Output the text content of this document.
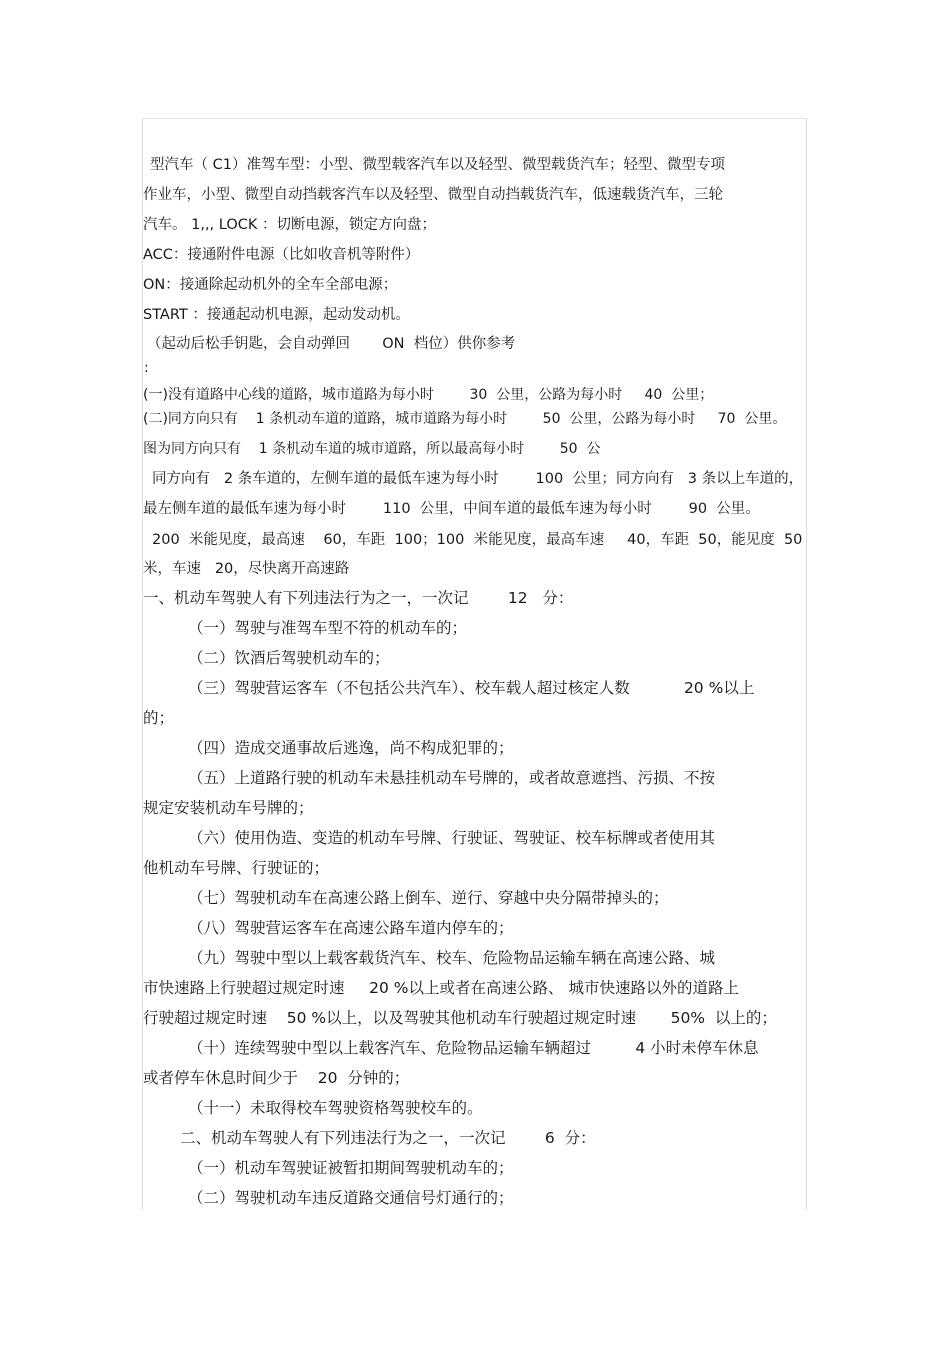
型汽车（ C1）准驾车型：小型、微型载客汽车以及轻型、微型载货汽车；轻型、微型专项
作业车，小型、微型自动挡载客汽车以及轻型、微型自动挡载货汽车，低速载货汽车，三轮
汽车。 1,,, LOCK ：切断电源，锁定方向盘；
ACC：接通附件电源（比如收音机等附件）
ON：接通除起动机外的全车全部电源；
START ：接通起动机电源，起动发动机。
（起动后松手钥匙，会自动弹回       ON  档位）供你参考
:
(一)没有道路中心线的道路，城市道路为每小时        30  公里，公路为每小时     40  公里；
(二)同方向只有    1 条机动车道的道路，城市道路为每小时        50  公里，公路为每小时     70  公里。
图为同方向只有    1 条机动车道的城市道路，所以最高每小时        50  公
同方向有   2 条车道的，左侧车道的最低车速为每小时        100  公里；同方向有   3 条以上车道的，
最左侧车道的最低车速为每小时        110  公里，中间车道的最低车速为每小时        90  公里。
200  米能见度，最高速    60，车距  100；100  米能见度，最高车速     40，车距  50，能见度  50
米，车速   20，尽快离开高速路
一、机动车驾驶人有下列违法行为之一，一次记        12   分：
（一）驾驶与准驾车型不符的机动车的；
（二）饮酒后驾驶机动车的；
（三）驾驶营运客车（不包括公共汽车）、校车载人超过核定人数           20 %以上
的；
（四）造成交通事故后逃逸，尚不构成犯罪的；
（五）上道路行驶的机动车未悬挂机动车号牌的，或者故意遮挡、污损、不按
规定安装机动车号牌的；
（六）使用伪造、变造的机动车号牌、行驶证、驾驶证、校车标牌或者使用其
他机动车号牌、行驶证的；
（七）驾驶机动车在高速公路上倒车、逆行、穿越中央分隔带掉头的；
（八）驾驶营运客车在高速公路车道内停车的；
（九）驾驶中型以上载客载货汽车、校车、危险物品运输车辆在高速公路、城
市快速路上行驶超过规定时速     20 %以上或者在高速公路、 城市快速路以外的道路上
行驶超过规定时速    50 %以上，以及驾驶其他机动车行驶超过规定时速       50%  以上的；
（十）连续驾驶中型以上载客汽车、危险物品运输车辆超过         4 小时未停车休息
或者停车休息时间少于    20  分钟的；
（十一）未取得校车驾驶资格驾驶校车的。
二、机动车驾驶人有下列违法行为之一，一次记        6  分：
（一）机动车驾驶证被暂扣期间驾驶机动车的；
（二）驾驶机动车违反道路交通信号灯通行的；
